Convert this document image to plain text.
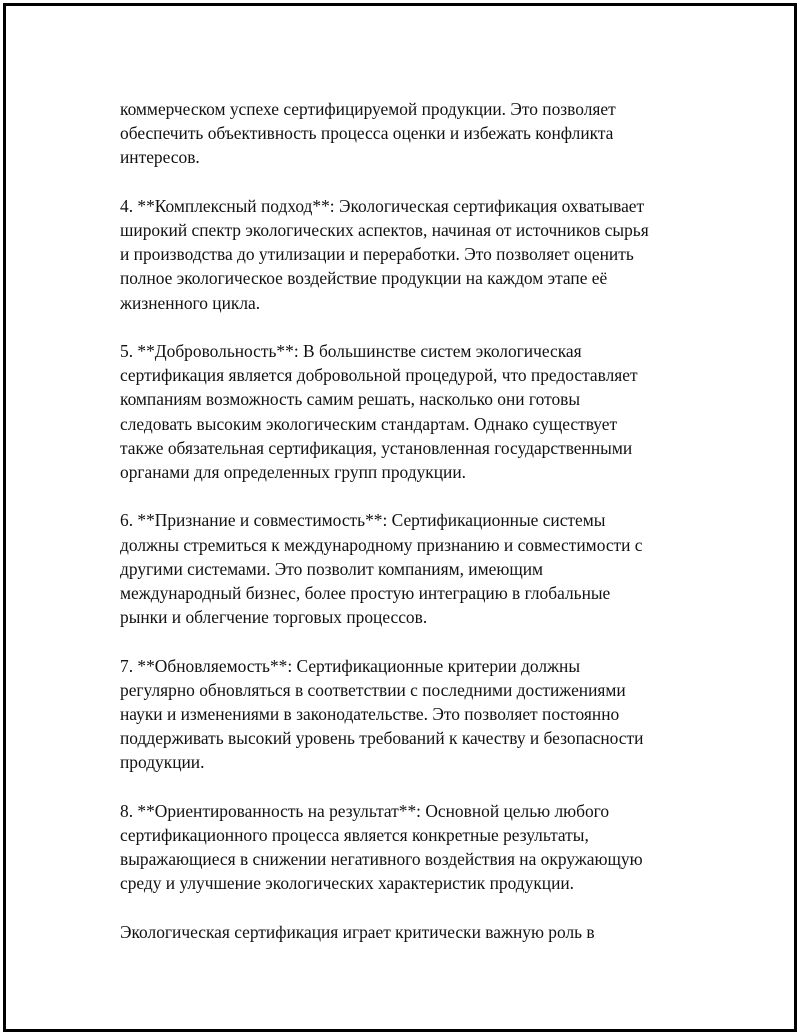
коммерческом успехе сертифицируемой продукции. Это позволяет
обеспечить объективность процесса оценки и избежать конфликта
интересов.

4. **Комплексный подход**: Экологическая сертификация охватывает
широкий спектр экологических аспектов, начиная от источников сырья
и производства до утилизации и переработки. Это позволяет оценить
полное экологическое воздействие продукции на каждом этапе её
жизненного цикла.

5. **Добровольность**: В большинстве систем экологическая
сертификация является добровольной процедурой, что предоставляет
компаниям возможность самим решать, насколько они готовы
следовать высоким экологическим стандартам. Однако существует
также обязательная сертификация, установленная государственными
органами для определенных групп продукции.

6. **Признание и совместимость**: Сертификационные системы
должны стремиться к международному признанию и совместимости с
другими системами. Это позволит компаниям, имеющим
международный бизнес, более простую интеграцию в глобальные
рынки и облегчение торговых процессов.

7. **Обновляемость**: Сертификационные критерии должны
регулярно обновляться в соответствии с последними достижениями
науки и изменениями в законодательстве. Это позволяет постоянно
поддерживать высокий уровень требований к качеству и безопасности
продукции.

8. **Ориентированность на результат**: Основной целью любого
сертификационного процесса является конкретные результаты,
выражающиеся в снижении негативного воздействия на окружающую
среду и улучшение экологических характеристик продукции.

Экологическая сертификация играет критически важную роль в
